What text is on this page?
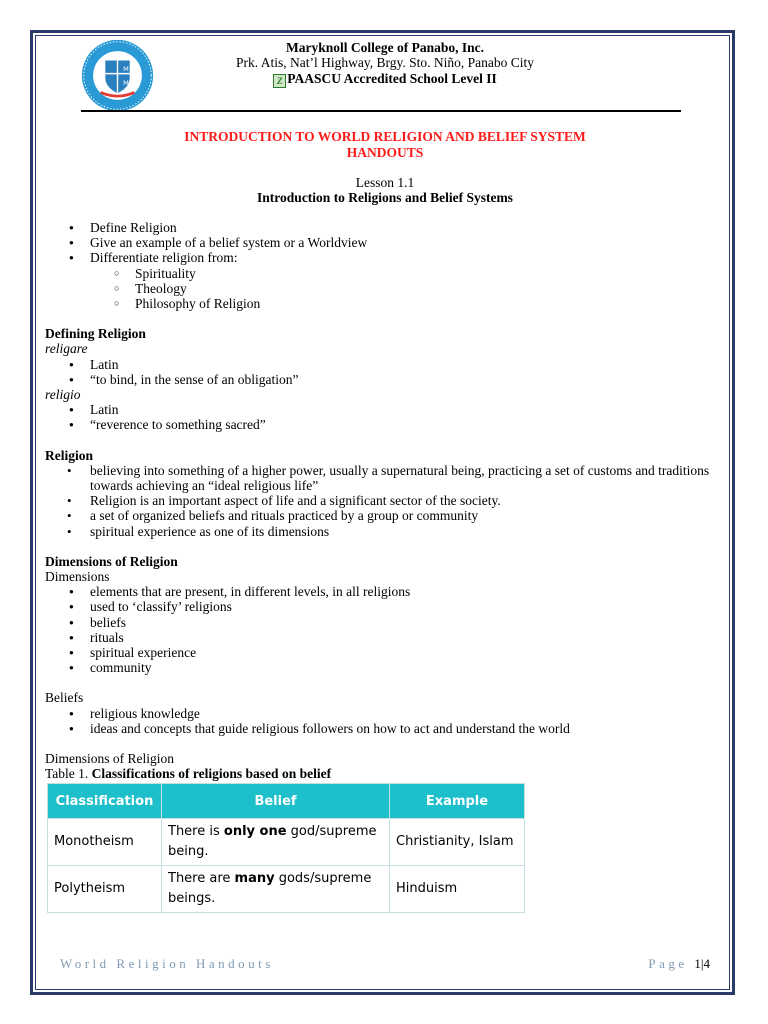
M
M
Maryknoll College of Panabo, Inc.
Prk. Atis, Nat’l Highway, Brgy. Sto. Niño, Panabo City
Z PAASCU Accredited School Level II
INTRODUCTION TO WORLD RELIGION AND BELIEF SYSTEM
HANDOUTS
Lesson 1.1
Introduction to Religions and Belief Systems
● Define Religion
● Give an example of a belief system or a Worldview
● Differentiate religion from:
○ Spirituality
○ Theology
○ Philosophy of Religion
Defining Religion
religare
● Latin
● “to bind, in the sense of an obligation”
religio
● Latin
● “reverence to something sacred”
Religion
• believing into something of a higher power, usually a supernatural being, practicing a set of customs and traditions towards achieving an “ideal religious life”
• Religion is an important aspect of life and a significant sector of the society.
• a set of organized beliefs and rituals practiced by a group or community
• spiritual experience as one of its dimensions
Dimensions of Religion
Dimensions
● elements that are present, in different levels, in all religions
● used to ‘classify’ religions
● beliefs
● rituals
● spiritual experience
● community
Beliefs
● religious knowledge
● ideas and concepts that guide religious followers on how to act and understand the world
Dimensions of Religion
Table 1. Classifications of religions based on belief
Classification	Belief	Example
Monotheism	There is only one god/supreme being.	Christianity, Islam
Polytheism	There are many gods/supreme beings.	Hinduism
World Religion Handouts	Page 1|4
